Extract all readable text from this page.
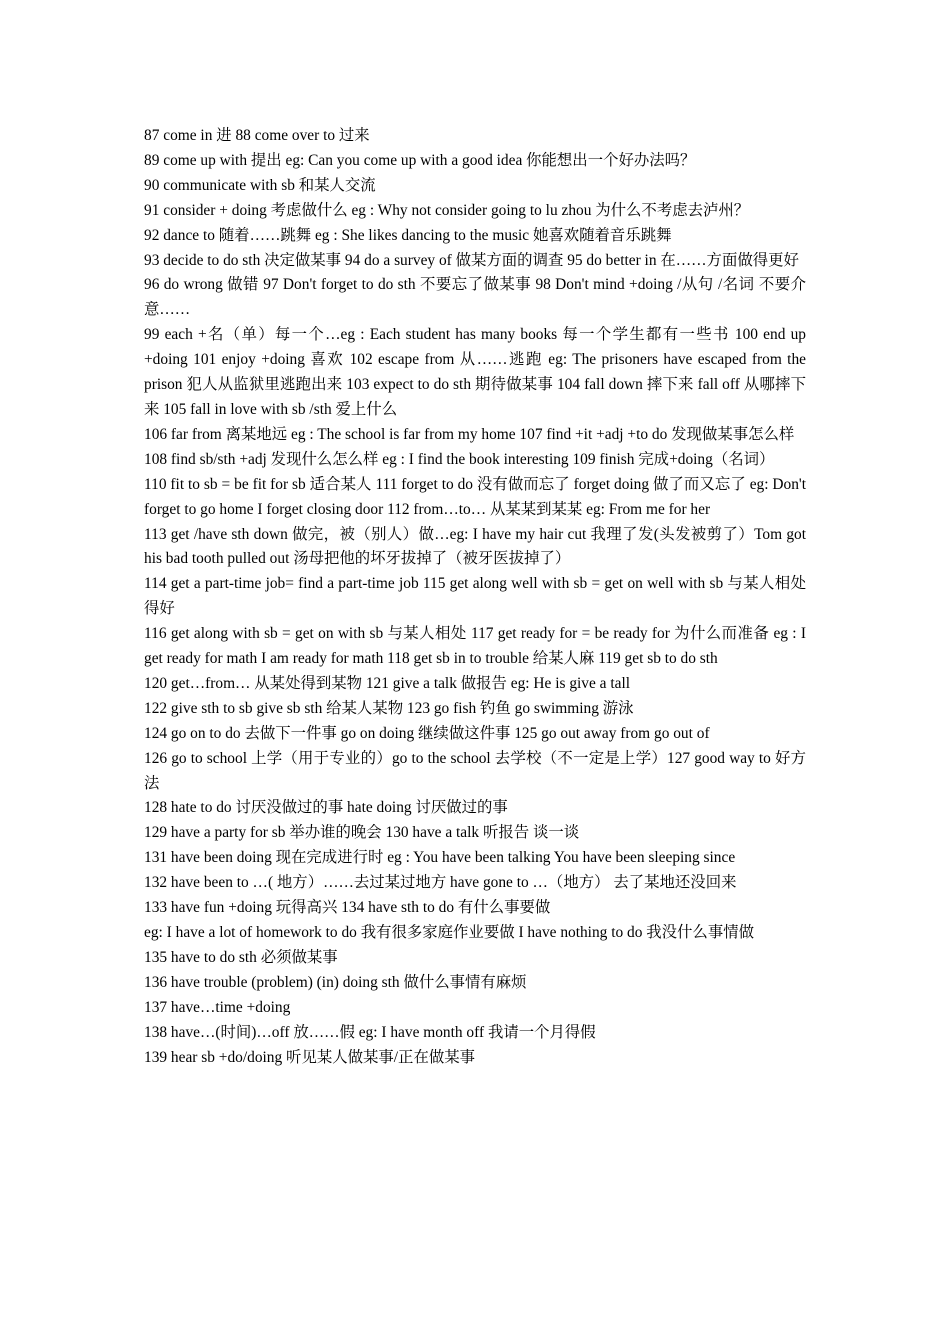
87 come in 进 88 come over to 过来

89 come up with 提出 eg: Can you come up with a good idea 你能想出一个好办法吗？

90 communicate with sb 和某人交流

91 consider + doing 考虑做什么 eg : Why not consider going to lu zhou 为什么不考虑去泸州？

92 dance to 随着……跳舞 eg : She likes dancing to the music 她喜欢随着音乐跳舞

93 decide to do sth 决定做某事 94 do a survey of 做某方面的调查 95 do better in 在……方面做得更好

96 do wrong 做错 97 Don't forget to do sth 不要忘了做某事 98 Don't mind +doing /从句 /名词 不要介意……

99 each +名（单）每一个…eg : Each student has many books 每一个学生都有一些书 100 end up +doing 101 enjoy +doing 喜欢 102 escape from 从……逃跑 eg: The prisoners have escaped from the prison 犯人从监狱里逃跑出来 103 expect to do sth 期待做某事 104 fall down 摔下来 fall off 从哪摔下来 105 fall in love with sb /sth 爱上什么

106 far from 离某地远 eg : The school is far from my home 107 find +it +adj +to do 发现做某事怎么样

108 find sb/sth +adj 发现什么怎么样 eg : I find the book interesting 109 finish 完成+doing（名词）

110 fit to sb = be fit for sb 适合某人 111 forget to do 没有做而忘了 forget doing 做了而又忘了 eg: Don't forget to go home I forget closing door 112 from…to… 从某某到某某 eg: From me for her

113 get /have sth down 做完，被（别人）做…eg: I have my hair cut 我理了发(头发被剪了）Tom got his bad tooth pulled out 汤母把他的坏牙拔掉了（被牙医拔掉了）

114 get a part-time job= find a part-time job 115 get along well with sb = get on well with sb 与某人相处得好

116 get along with sb = get on with sb 与某人相处 117 get ready for = be ready for 为什么而准备 eg : I get ready for math I am ready for math 118 get sb in to trouble 给某人麻 119 get sb to do sth

120 get…from… 从某处得到某物 121 give a talk 做报告 eg: He is give a tall

122 give sth to sb give sb sth 给某人某物 123 go fish 钓鱼 go swimming 游泳

124 go on to do 去做下一件事 go on doing 继续做这件事 125 go out away from go out of

126 go to school 上学（用于专业的）go to the school 去学校（不一定是上学）127 good way to 好方法

128 hate to do 讨厌没做过的事 hate doing 讨厌做过的事

129 have a party for sb 举办谁的晚会 130 have a talk 听报告 谈一谈

131 have been doing 现在完成进行时 eg : You have been talking You have been sleeping since

132 have been to …( 地方）……去过某过地方 have gone to …（地方） 去了某地还没回来

133 have fun +doing 玩得高兴 134 have sth to do 有什么事要做

eg: I have a lot of homework to do 我有很多家庭作业要做 I have nothing to do 我没什么事情做

135 have to do sth 必须做某事

136 have trouble (problem) (in) doing sth 做什么事情有麻烦

137 have…time +doing

138 have…(时间)…off 放……假 eg: I have month off 我请一个月得假

139 hear sb +do/doing 听见某人做某事/正在做某事
